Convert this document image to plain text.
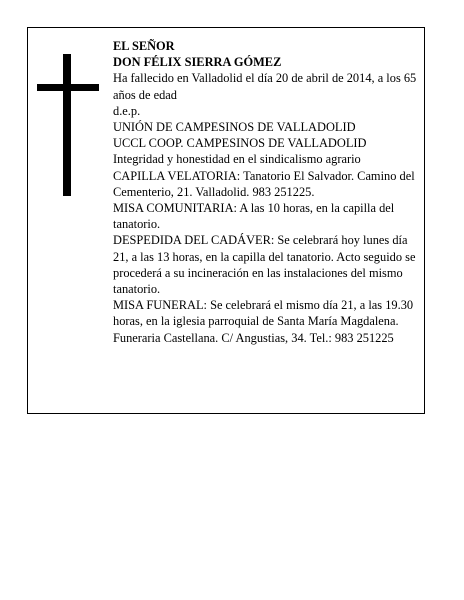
EL SEÑOR

DON FÉLIX SIERRA GÓMEZ

Ha fallecido en Valladolid el día 20 de abril de 2014, a los 65 años de edad

d.e.p.

UNIÓN DE CAMPESINOS DE VALLADOLID

UCCL COOP. CAMPESINOS DE VALLADOLID

Integridad y honestidad en el sindicalismo agrario

CAPILLA VELATORIA: Tanatorio El Salvador. Camino del Cementerio, 21. Valladolid. 983 251225.

MISA COMUNITARIA: A las 10 horas, en la capilla del tanatorio.

DESPEDIDA DEL CADÁVER: Se celebrará hoy lunes día 21, a las 13 horas, en la capilla del tanatorio. Acto seguido se procederá a su incineración en las instalaciones del mismo tanatorio.

MISA FUNERAL: Se celebrará el mismo día 21, a las 19.30 horas, en la iglesia parroquial de Santa María Magdalena.

Funeraria Castellana. C/ Angustias, 34. Tel.: 983 251225
